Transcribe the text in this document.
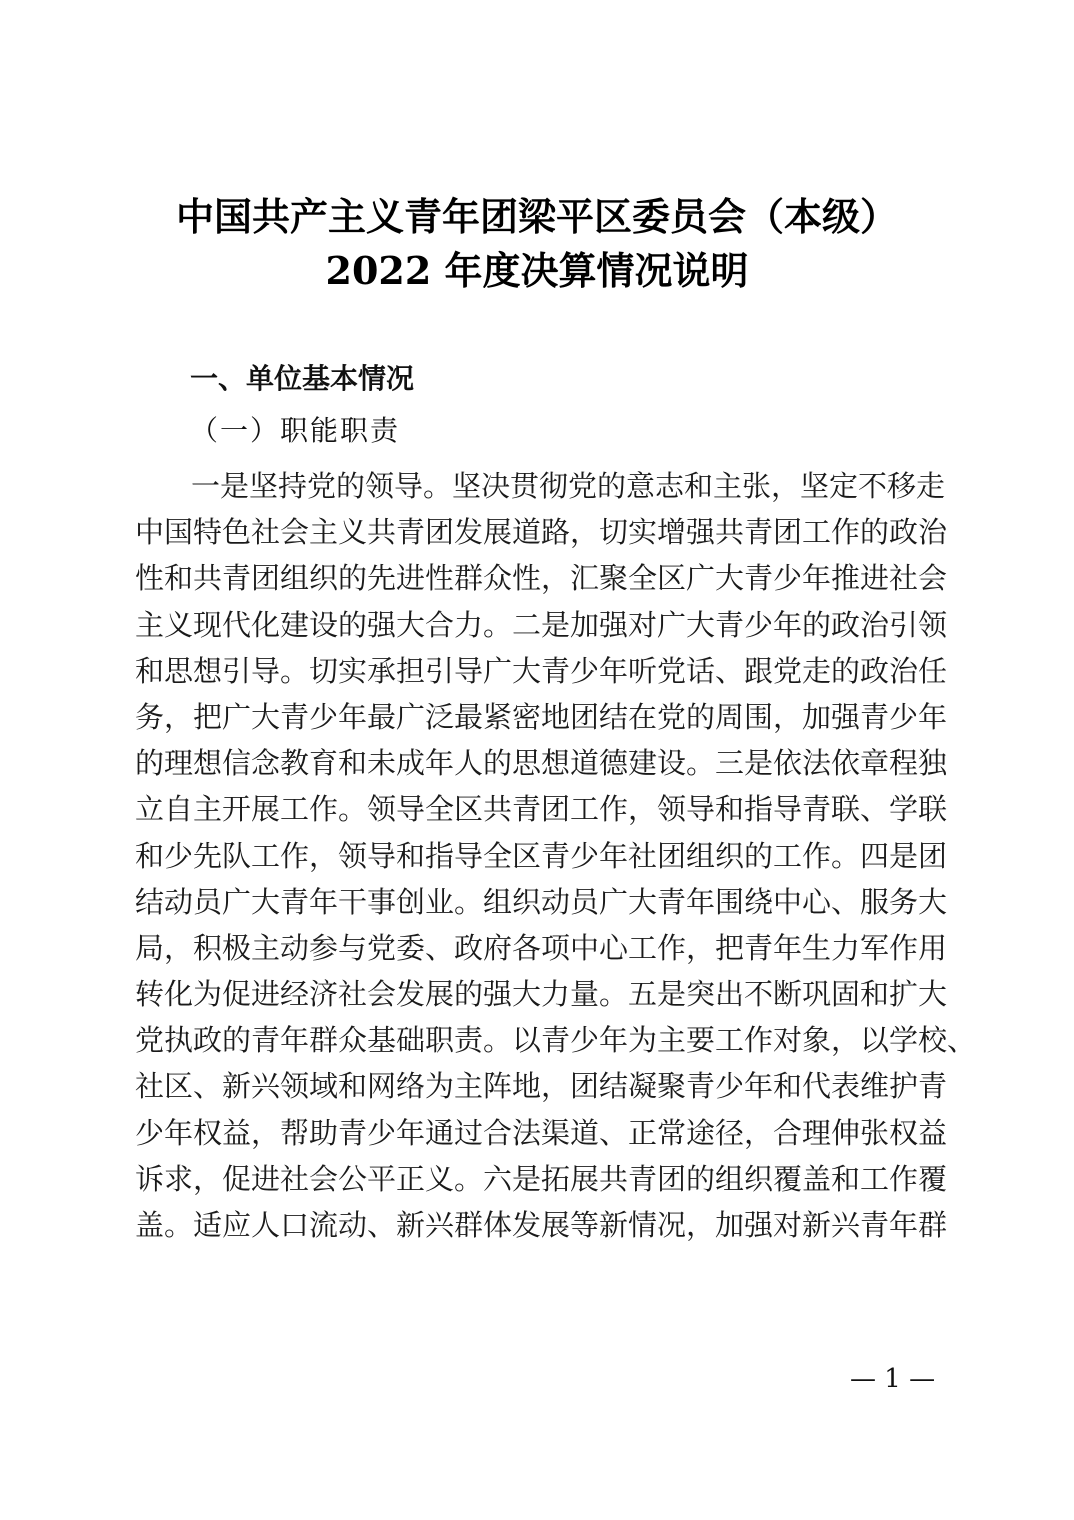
中国共产主义青年团梁平区委员会（本级）
2022 年度决算情况说明
一、单位基本情况
（一）职能职责
一是坚持党的领导。坚决贯彻党的意志和主张，坚定不移走
中国特色社会主义共青团发展道路，切实增强共青团工作的政治
性和共青团组织的先进性群众性，汇聚全区广大青少年推进社会
主义现代化建设的强大合力。二是加强对广大青少年的政治引领
和思想引导。切实承担引导广大青少年听党话、跟党走的政治任
务，把广大青少年最广泛最紧密地团结在党的周围，加强青少年
的理想信念教育和未成年人的思想道德建设。三是依法依章程独
立自主开展工作。领导全区共青团工作，领导和指导青联、学联
和少先队工作，领导和指导全区青少年社团组织的工作。四是团
结动员广大青年干事创业。组织动员广大青年围绕中心、服务大
局，积极主动参与党委、政府各项中心工作，把青年生力军作用
转化为促进经济社会发展的强大力量。五是突出不断巩固和扩大
党执政的青年群众基础职责。以青少年为主要工作对象，以学校、
社区、新兴领域和网络为主阵地，团结凝聚青少年和代表维护青
少年权益，帮助青少年通过合法渠道、正常途径，合理伸张权益
诉求，促进社会公平正义。六是拓展共青团的组织覆盖和工作覆
盖。适应人口流动、新兴群体发展等新情况，加强对新兴青年群
— 1 —
